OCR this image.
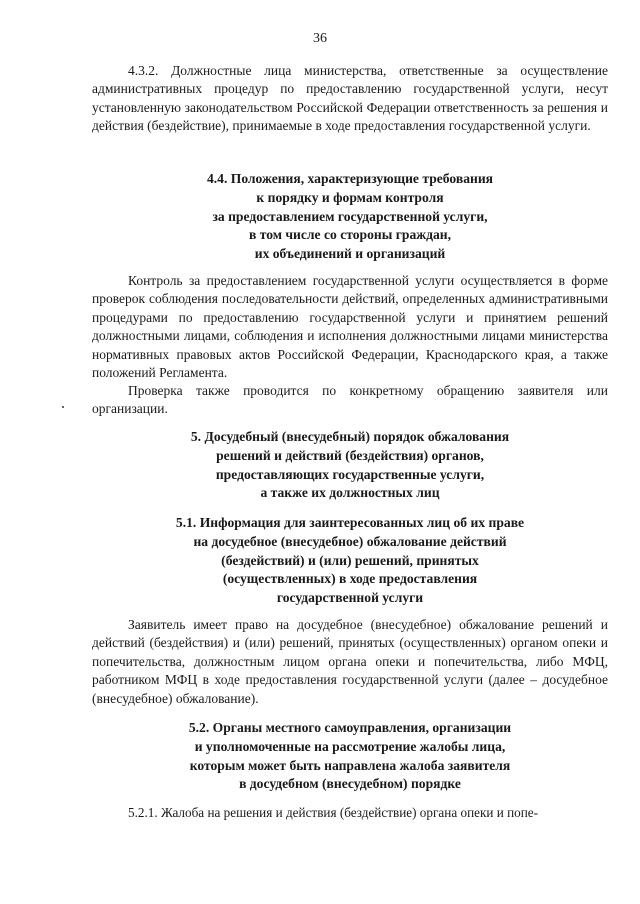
36

4.3.2. Должностные лица министерства, ответственные за осуществление административных процедур по предоставлению государственной услуги, несут установленную законодательством Российской Федерации ответственность за решения и действия (бездействие), принимаемые в ходе предоставления государственной услуги.

4.4. Положения, характеризующие требования
к порядку и формам контроля
за предоставлением государственной услуги,
в том числе со стороны граждан,
их объединений и организаций

Контроль за предоставлением государственной услуги осуществляется в форме проверок соблюдения последовательности действий, определенных административными процедурами по предоставлению государственной услуги и принятием решений должностными лицами, соблюдения и исполнения должностными лицами министерства нормативных правовых актов Российской Федерации, Краснодарского края, а также положений Регламента.

Проверка также проводится по конкретному обращению заявителя или организации.

5. Досудебный (внесудебный) порядок обжалования
решений и действий (бездействия) органов,
предоставляющих государственные услуги,
а также их должностных лиц

5.1. Информация для заинтересованных лиц об их праве
на досудебное (внесудебное) обжалование действий
(бездействий) и (или) решений, принятых
(осуществленных) в ходе предоставления
государственной услуги

Заявитель имеет право на досудебное (внесудебное) обжалование решений и действий (бездействия) и (или) решений, принятых (осуществленных) органом опеки и попечительства, должностным лицом органа опеки и попечительства, либо МФЦ, работником МФЦ в ходе предоставления государственной услуги (далее – досудебное (внесудебное) обжалование).

5.2. Органы местного самоуправления, организации
и уполномоченные на рассмотрение жалобы лица,
которым может быть направлена жалоба заявителя
в досудебном (внесудебном) порядке

5.2.1. Жалоба на решения и действия (бездействие) органа опеки и попе-
